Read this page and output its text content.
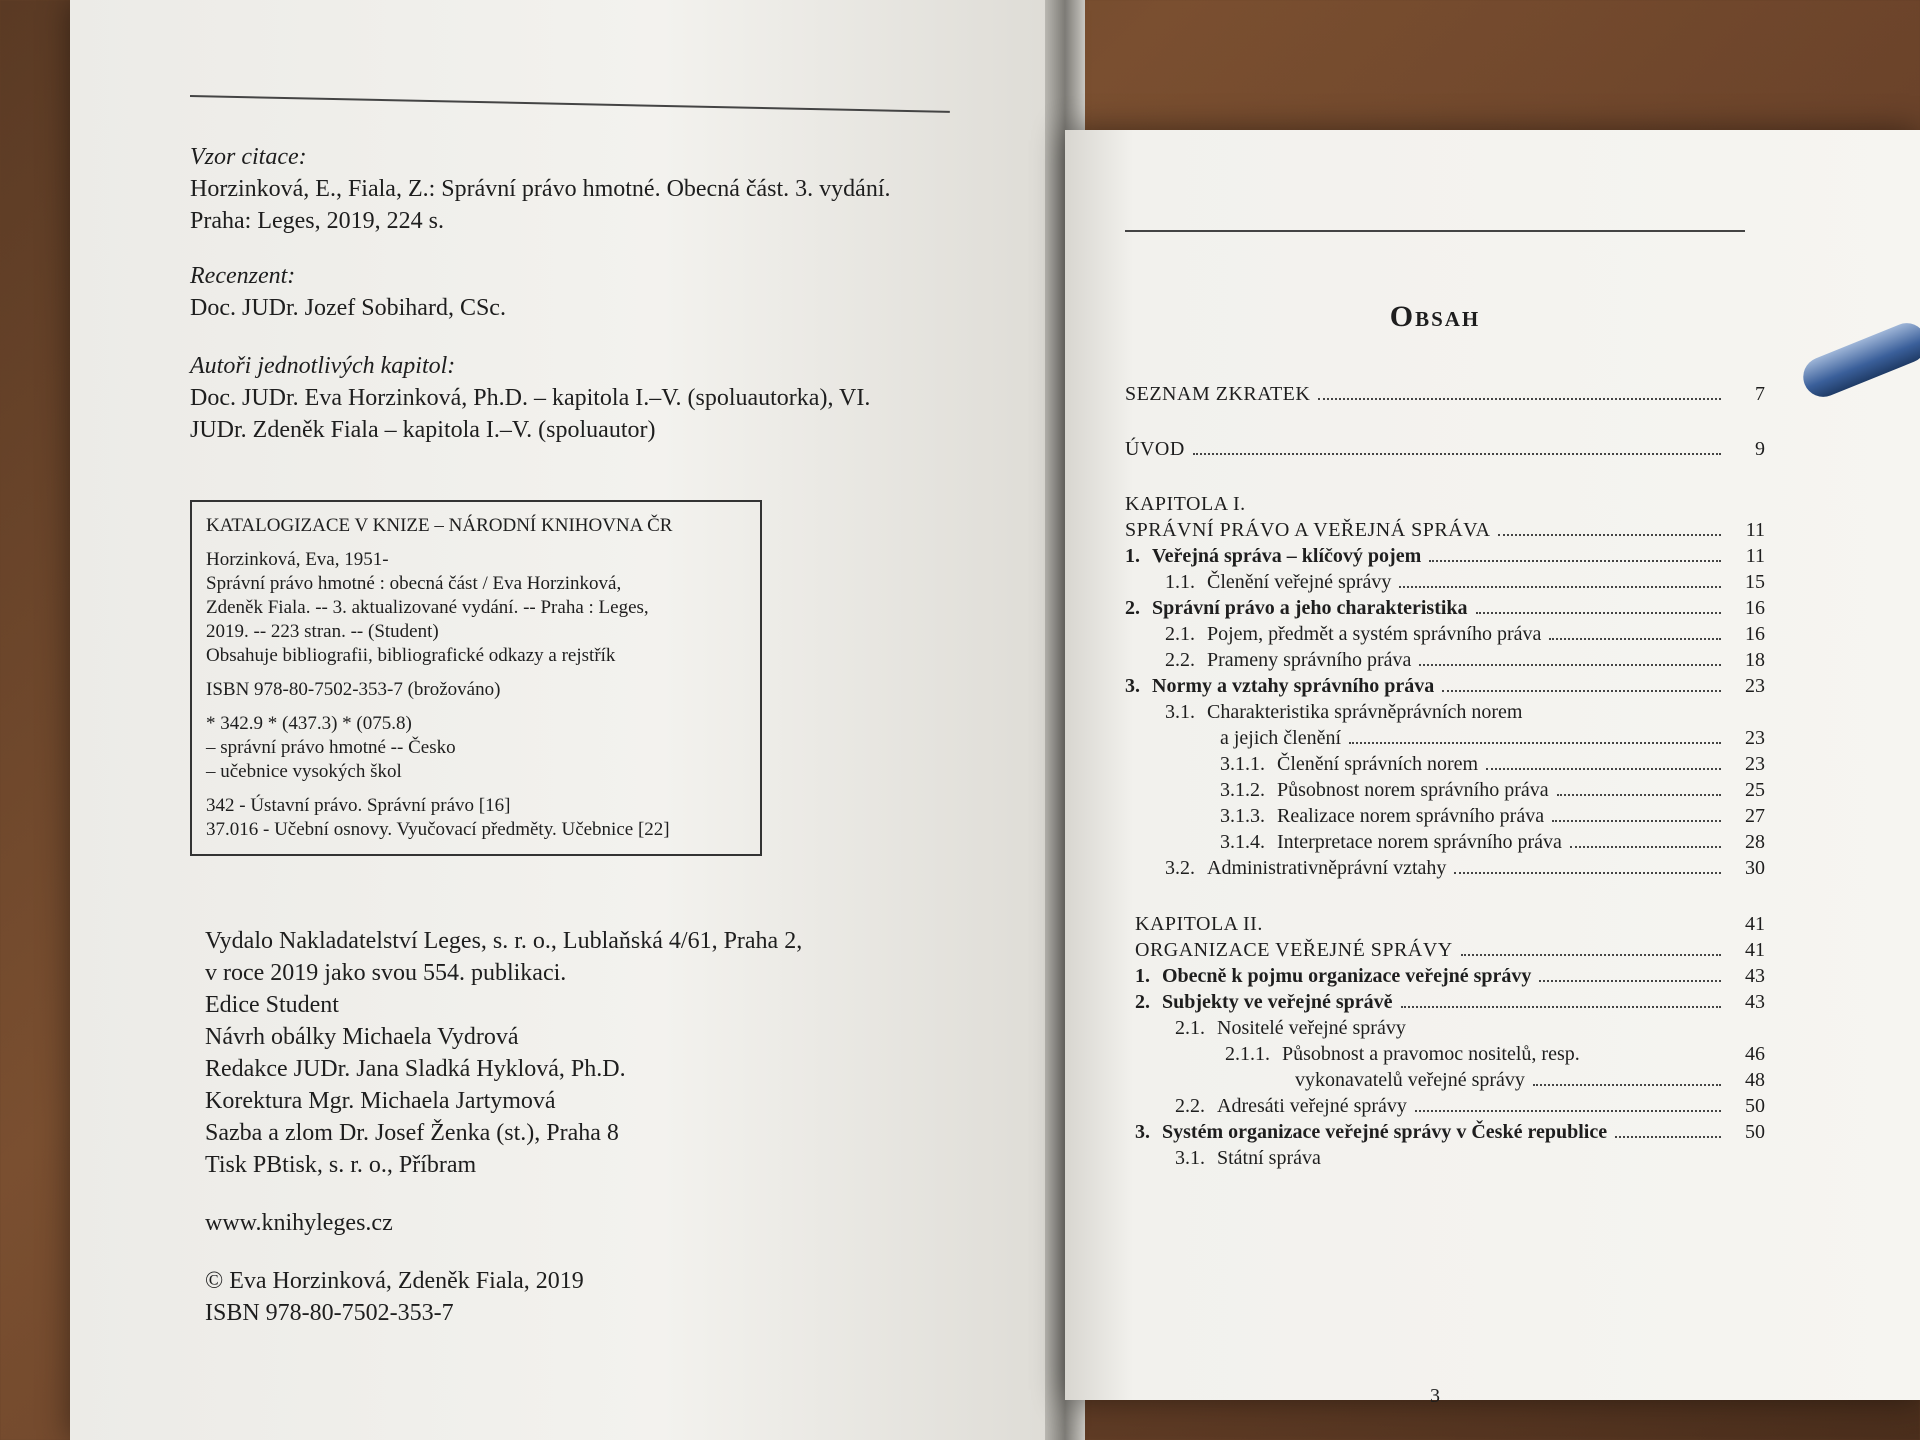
Vzor citace:
Horzinková, E., Fiala, Z.: Správní právo hmotné. Obecná část. 3. vydání.
Praha: Leges, 2019, 224 s.
Recenzent:
Doc. JUDr. Jozef Sobihard, CSc.
Autoři jednotlivých kapitol:
Doc. JUDr. Eva Horzinková, Ph.D. – kapitola I.–V. (spoluautorka), VI.
JUDr. Zdeněk Fiala – kapitola I.–V. (spoluautor)
KATALOGIZACE V KNIZE – NÁRODNÍ KNIHOVNA ČR
Horzinková, Eva, 1951-
Správní právo hmotné : obecná část / Eva Horzinková,
Zdeněk Fiala. -- 3. aktualizované vydání. -- Praha : Leges,
2019. -- 223 stran. -- (Student)
Obsahuje bibliografii, bibliografické odkazy a rejstřík
ISBN 978-80-7502-353-7 (brožováno)
* 342.9 * (437.3) * (075.8)
– správní právo hmotné -- Česko
– učebnice vysokých škol
342 - Ústavní právo. Správní právo [16]
37.016 - Učební osnovy. Vyučovací předměty. Učebnice [22]
Vydalo Nakladatelství Leges, s. r. o., Lublaňská 4/61, Praha 2,
v roce 2019 jako svou 554. publikaci.
Edice Student
Návrh obálky Michaela Vydrová
Redakce JUDr. Jana Sladká Hyklová, Ph.D.
Korektura Mgr. Michaela Jartymová
Sazba a zlom Dr. Josef Ženka (st.), Praha 8
Tisk PBtisk, s. r. o., Příbram
www.knihyleges.cz
© Eva Horzinková, Zdeněk Fiala, 2019
ISBN 978-80-7502-353-7
Obsah
SEZNAM ZKRATEK	7
ÚVOD	9
KAPITOLA I.
SPRÁVNÍ PRÁVO A VEŘEJNÁ SPRÁVA	11
1. Veřejná správa – klíčový pojem	11
1.1. Členění veřejné správy	15
2. Správní právo a jeho charakteristika	16
2.1. Pojem, předmět a systém správního práva	16
2.2. Prameny správního práva	18
3. Normy a vztahy správního práva	23
3.1. Charakteristika správněprávních norem
a jejich členění	23
3.1.1. Členění správních norem	23
3.1.2. Působnost norem správního práva	25
3.1.3. Realizace norem správního práva	27
3.1.4. Interpretace norem správního práva	28
3.2. Administrativněprávní vztahy	30
KAPITOLA II.	41
ORGANIZACE VEŘEJNÉ SPRÁVY	41
1. Obecně k pojmu organizace veřejné správy	43
2. Subjekty ve veřejné správě	43
2.1. Nositelé veřejné správy
2.1.1. Působnost a pravomoc nositelů, resp.	46
vykonavatelů veřejné správy	48
2.2. Adresáti veřejné správy	50
3. Systém organizace veřejné správy v České republice	50
3.1. Státní správa
3
